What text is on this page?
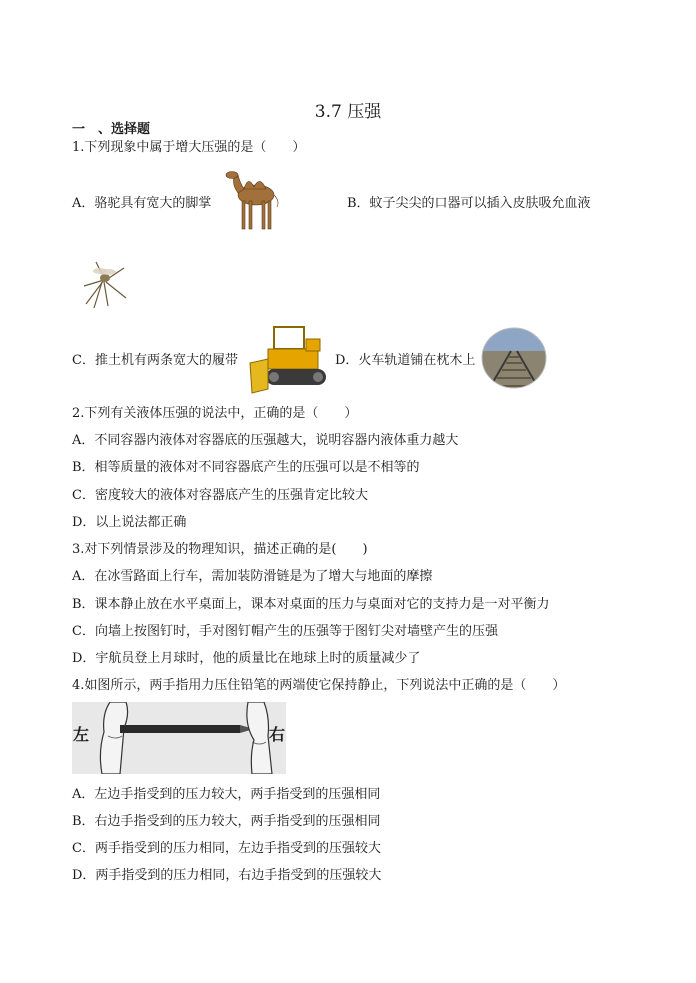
3.7 压强
一　、选择题
1.下列现象中属于增大压强的是（　　）
A．骆驼具有宽大的脚掌	B．蚊子尖尖的口器可以插入皮肤吸允血液
C．推土机有两条宽大的履带	D．火车轨道铺在枕木上
2.下列有关液体压强的说法中，正确的是（　　）
A．不同容器内液体对容器底的压强越大，说明容器内液体重力越大
B．相等质量的液体对不同容器底产生的压强可以是不相等的
C．密度较大的液体对容器底产生的压强肯定比较大
D．以上说法都正确
3.对下列情景涉及的物理知识，描述正确的是(　　)
A．在冰雪路面上行车，需加装防滑链是为了增大与地面的摩擦
B．课本静止放在水平桌面上，课本对桌面的压力与桌面对它的支持力是一对平衡力
C．向墙上按图钉时，手对图钉帽产生的压强等于图钉尖对墙壁产生的压强
D．宇航员登上月球时，他的质量比在地球上时的质量减少了
4.如图所示，两手指用力压住铅笔的两端使它保持静止，下列说法中正确的是（　　）
左	右
A．左边手指受到的压力较大，两手指受到的压强相同
B．右边手指受到的压力较大，两手指受到的压强相同
C．两手指受到的压力相同，左边手指受到的压强较大
D．两手指受到的压力相同，右边手指受到的压强较大
